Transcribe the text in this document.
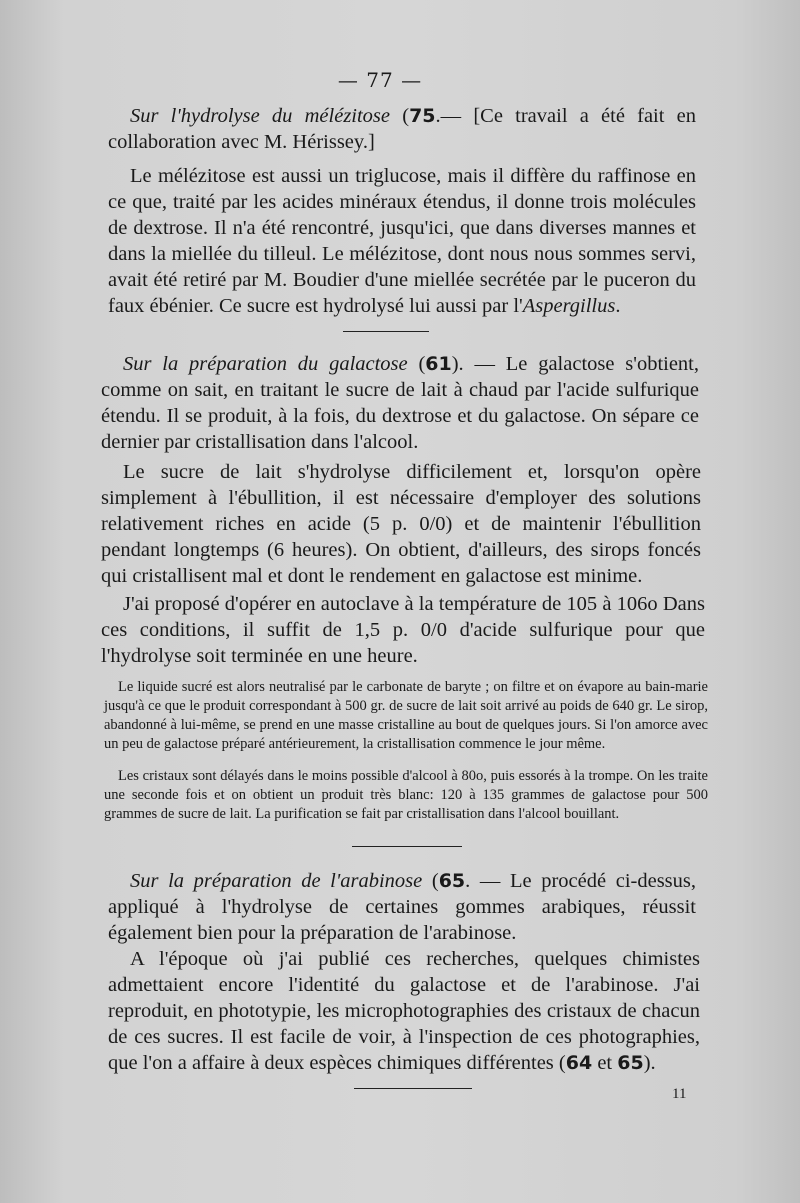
— 77 —

Sur l'hydrolyse du mélézitose (75.— [Ce travail a été fait en collaboration avec M. Hérissey.]

Le mélézitose est aussi un triglucose, mais il diffère du raffinose en ce que, traité par les acides minéraux étendus, il donne trois molécules de dextrose. Il n'a été rencontré, jusqu'ici, que dans diverses mannes et dans la miellée du tilleul. Le mélézitose, dont nous nous sommes servi, avait été retiré par M. Boudier d'une miellée secrétée par le puceron du faux ébénier. Ce sucre est hydrolysé lui aussi par l'Aspergillus.

Sur la préparation du galactose (61). — Le galactose s'obtient, comme on sait, en traitant le sucre de lait à chaud par l'acide sulfurique étendu. Il se produit, à la fois, du dextrose et du galactose. On sépare ce dernier par cristallisation dans l'alcool.

Le sucre de lait s'hydrolyse difficilement et, lorsqu'on opère simplement à l'ébullition, il est nécessaire d'employer des solutions relativement riches en acide (5 p. 0/0) et de maintenir l'ébullition pendant longtemps (6 heures). On obtient, d'ailleurs, des sirops foncés qui cristallisent mal et dont le rendement en galactose est minime.

J'ai proposé d'opérer en autoclave à la température de 105 à 106o Dans ces conditions, il suffit de 1,5 p. 0/0 d'acide sulfurique pour que l'hydrolyse soit terminée en une heure.

Le liquide sucré est alors neutralisé par le carbonate de baryte ; on filtre et on évapore au bain-marie jusqu'à ce que le produit correspondant à 500 gr. de sucre de lait soit arrivé au poids de 640 gr. Le sirop, abandonné à lui-même, se prend en une masse cristalline au bout de quelques jours. Si l'on amorce avec un peu de galactose préparé antérieurement, la cristallisation commence le jour même.

Les cristaux sont délayés dans le moins possible d'alcool à 80o, puis essorés à la trompe. On les traite une seconde fois et on obtient un produit très blanc: 120 à 135 grammes de galactose pour 500 grammes de sucre de lait. La purification se fait par cristallisation dans l'alcool bouillant.

Sur la préparation de l'arabinose (65. — Le procédé ci-dessus, appliqué à l'hydrolyse de certaines gommes arabiques, réussit également bien pour la préparation de l'arabinose.

A l'époque où j'ai publié ces recherches, quelques chimistes admettaient encore l'identité du galactose et de l'arabinose. J'ai reproduit, en phototypie, les microphotographies des cristaux de chacun de ces sucres. Il est facile de voir, à l'inspection de ces photographies, que l'on a affaire à deux espèces chimiques différentes (64 et 65).

11
